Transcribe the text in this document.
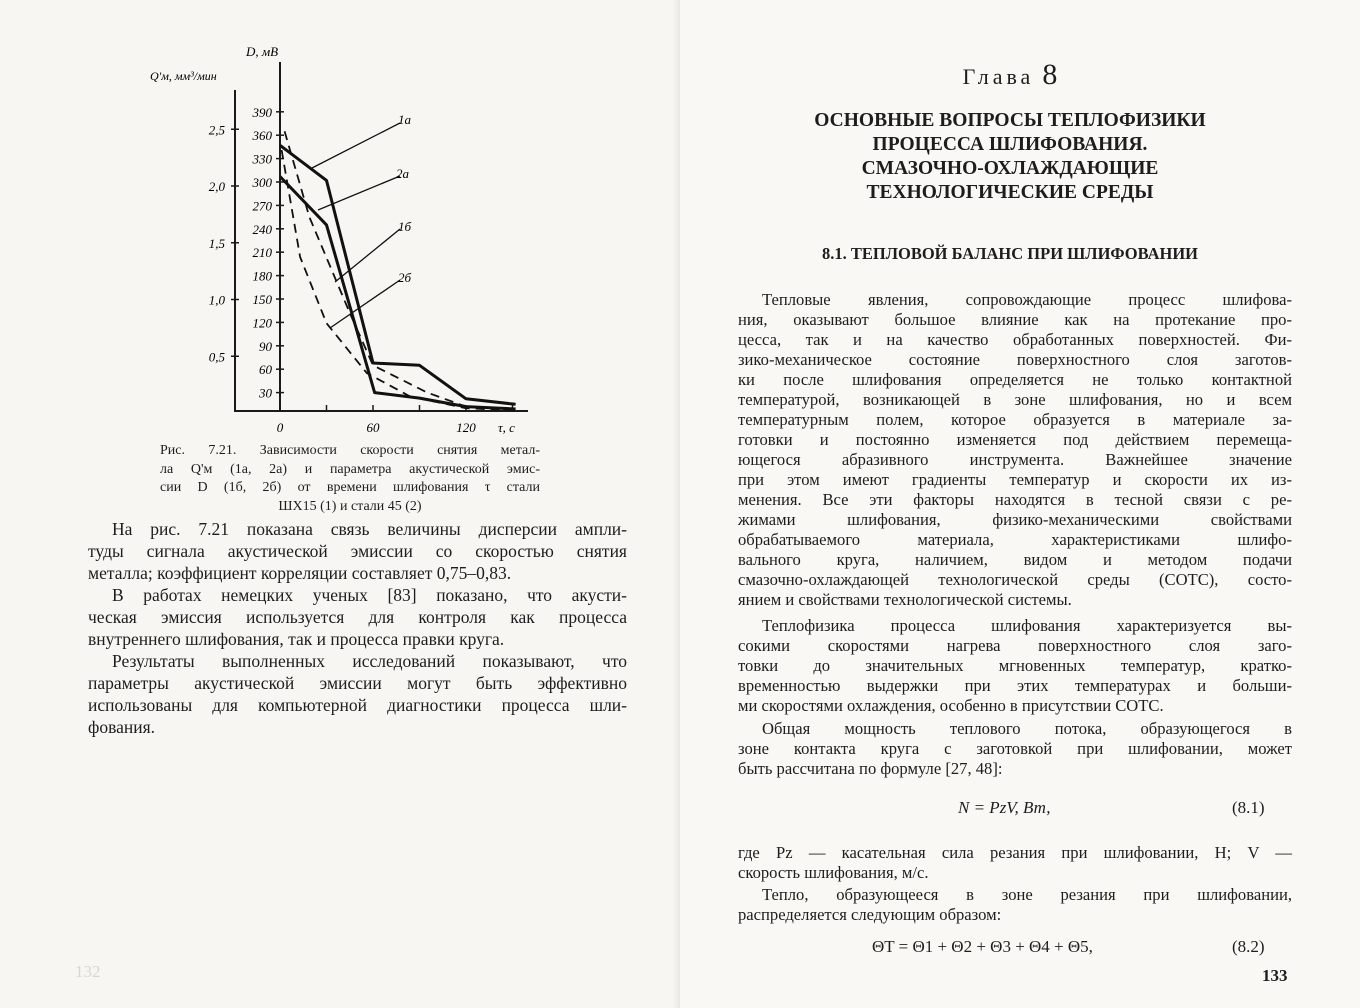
30
60
90
120
150
180
210
240
270
300
330
360
390
0,5
1,0
1,5
2,0
2,5
0	60	120 τ, с
Q'м, мм³/мин
D, мВ
1а
2а
1б
2б
Рис. 7.21. Зависимости скорости снятия метал-
ла Q'м (1а, 2а) и параметра акустической эмис-
сии D (1б, 2б) от времени шлифования τ стали
ШХ15 (1) и стали 45 (2)
На рис. 7.21 показана связь величины дисперсии ампли-
туды сигнала акустической эмиссии со скоростью снятия
металла; коэффициент корреляции составляет 0,75–0,83.
В работах немецких ученых [83] показано, что акусти-
ческая эмиссия используется для контроля как процесса
внутреннего шлифования, так и процесса правки круга.
Результаты выполненных исследований показывают, что
параметры акустической эмиссии могут быть эффективно
использованы для компьютерной диагностики процесса шли-
фования.
132
Глава 8
ОСНОВНЫЕ ВОПРОСЫ ТЕПЛОФИЗИКИ
ПРОЦЕССА ШЛИФОВАНИЯ.
СМАЗОЧНО-ОХЛАЖДАЮЩИЕ
ТЕХНОЛОГИЧЕСКИЕ СРЕДЫ
8.1. ТЕПЛОВОЙ БАЛАНС ПРИ ШЛИФОВАНИИ
Тепловые явления, сопровождающие процесс шлифова-
ния, оказывают большое влияние как на протекание про-
цесса, так и на качество обработанных поверхностей. Фи-
зико-механическое состояние поверхностного слоя заготов-
ки после шлифования определяется не только контактной
температурой, возникающей в зоне шлифования, но и всем
температурным полем, которое образуется в материале за-
готовки и постоянно изменяется под действием перемеща-
ющегося абразивного инструмента. Важнейшее значение
при этом имеют градиенты температур и скорости их из-
менения. Все эти факторы находятся в тесной связи с ре-
жимами шлифования, физико-механическими свойствами
обрабатываемого материала, характеристиками шлифо-
вального круга, наличием, видом и методом подачи
смазочно-охлаждающей технологической среды (СОТС), состо-
янием и свойствами технологической системы.
Теплофизика процесса шлифования характеризуется вы-
сокими скоростями нагрева поверхностного слоя заго-
товки до значительных мгновенных температур, кратко-
временностью выдержки при этих температурах и больши-
ми скоростями охлаждения, особенно в присутствии СОТС.
Общая мощность теплового потока, образующегося в
зоне контакта круга с заготовкой при шлифовании, может
быть рассчитана по формуле [27, 48]:
N = PzV, Вт,	(8.1)
где Pz — касательная сила резания при шлифовании, Н; V —
скорость шлифования, м/с.
Тепло, образующееся в зоне резания при шлифовании,
распределяется следующим образом:
ΘT = Θ1 + Θ2 + Θ3 + Θ4 + Θ5,	(8.2)
133
